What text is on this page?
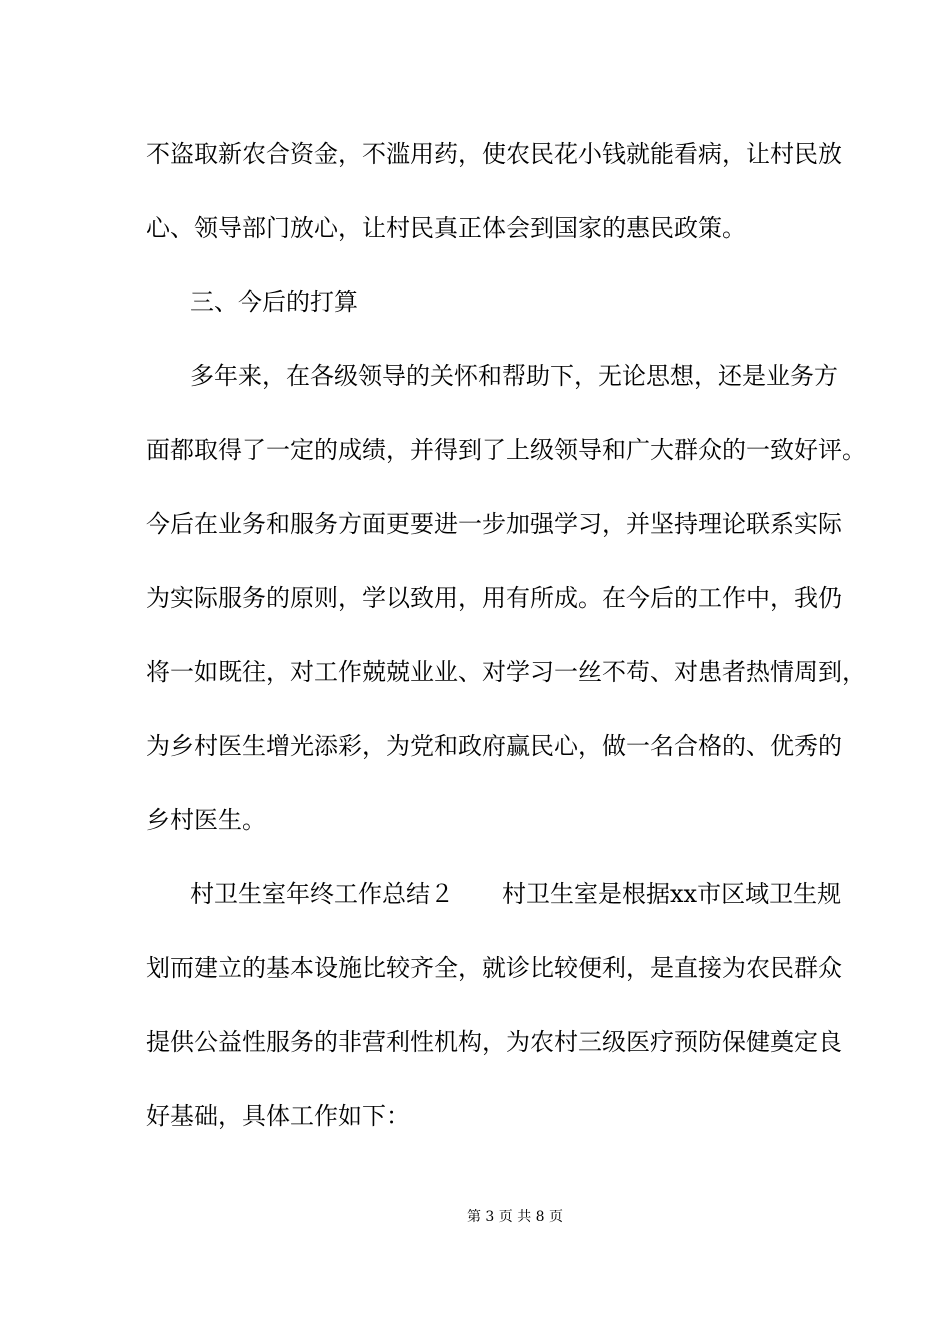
不盗取新农合资金，不滥用药，使农民花小钱就能看病，让村民放
心、领导部门放心，让村民真正体会到国家的惠民政策。
三、今后的打算
多年来，在各级领导的关怀和帮助下，无论思想，还是业务方
面都取得了一定的成绩，并得到了上级领导和广大群众的一致好评。
今后在业务和服务方面更要进一步加强学习，并坚持理论联系实际
为实际服务的原则，学以致用，用有所成。在今后的工作中，我仍
将一如既往，对工作兢兢业业、对学习一丝不苟、对患者热情周到，
为乡村医生增光添彩，为党和政府赢民心，做一名合格的、优秀的
乡村医生。
村卫生室年终工作总结２　　村卫生室是根据xx市区域卫生规
划而建立的基本设施比较齐全，就诊比较便利，是直接为农民群众
提供公益性服务的非营利性机构，为农村三级医疗预防保健奠定良
好基础，具体工作如下：
第 3 页 共 8 页
